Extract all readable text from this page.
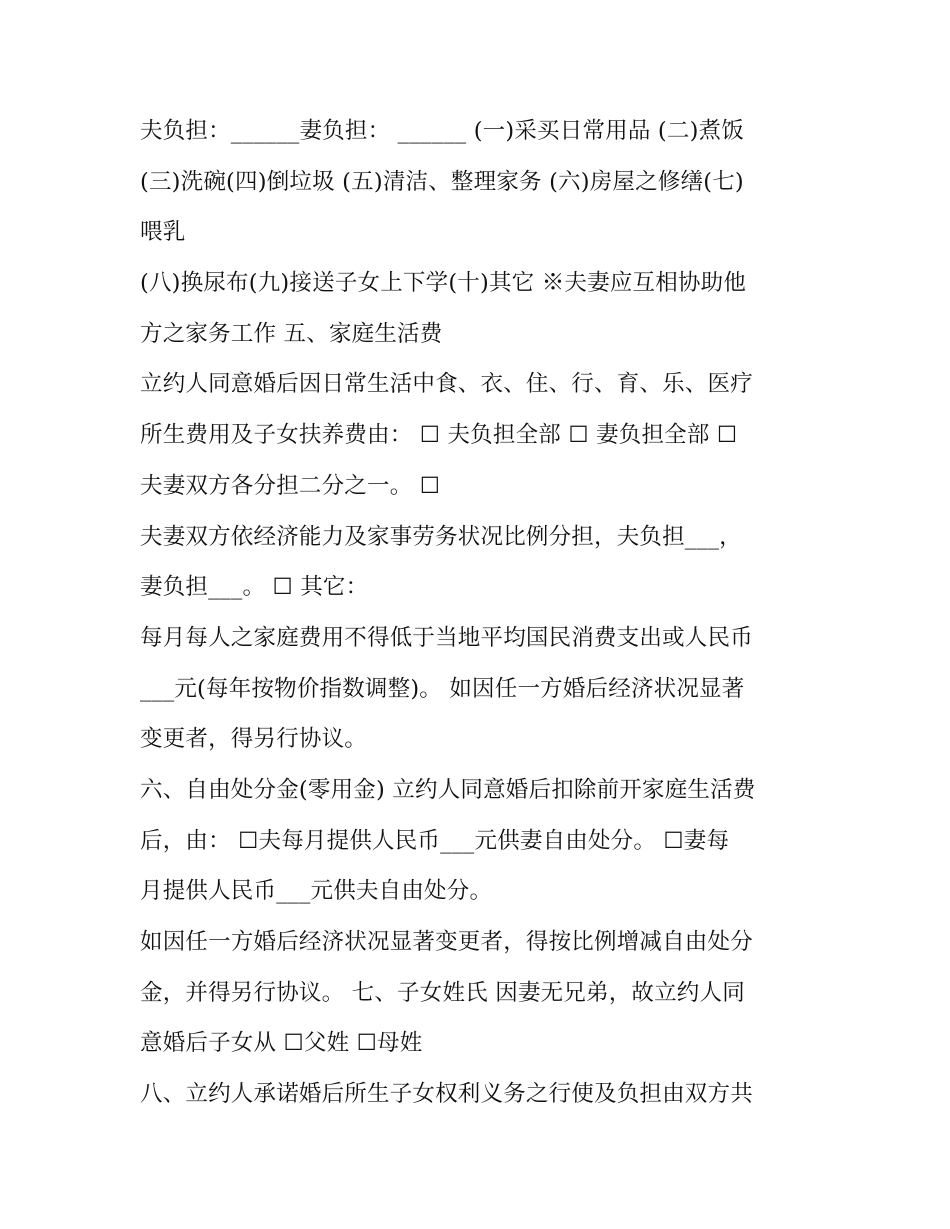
夫负担：______妻负担： ______ (一)采买日常用品 (二)煮饭
(三)洗碗(四)倒垃圾 (五)清洁、整理家务 (六)房屋之修缮(七)
喂乳
(八)换尿布(九)接送子女上下学(十)其它 ※夫妻应互相协助他
方之家务工作 五、家庭生活费
立约人同意婚后因日常生活中食、衣、住、行、育、乐、医疗
所生费用及子女扶养费由： ☐ 夫负担全部 ☐ 妻负担全部 ☐
夫妻双方各分担二分之一。 ☐
夫妻双方依经济能力及家事劳务状况比例分担，夫负担___，
妻负担___。 ☐ 其它：
每月每人之家庭费用不得低于当地平均国民消费支出或人民币
___元(每年按物价指数调整)。 如因任一方婚后经济状况显著
变更者，得另行协议。
六、自由处分金(零用金) 立约人同意婚后扣除前开家庭生活费
后，由： ☐夫每月提供人民币___元供妻自由处分。 ☐妻每
月提供人民币___元供夫自由处分。
如因任一方婚后经济状况显著变更者，得按比例增减自由处分
金，并得另行协议。 七、子女姓氏 因妻无兄弟，故立约人同
意婚后子女从 ☐父姓 ☐母姓
八、立约人承诺婚后所生子女权利义务之行使及负担由双方共
